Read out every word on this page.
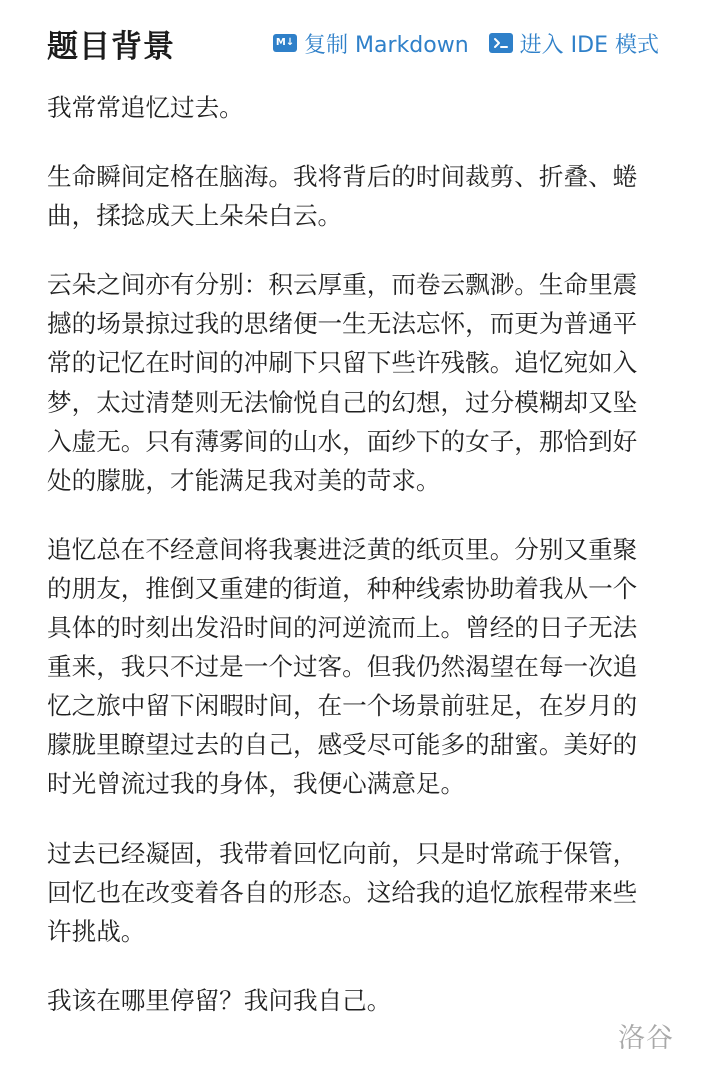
题目背景	M↓ 复制 Markdown 进入 IDE 模式

我常常追忆过去。

生命瞬间定格在脑海。我将背后的时间裁剪、折叠、蜷曲，揉捻成天上朵朵白云。

云朵之间亦有分别：积云厚重，而卷云飘渺。生命里震撼的场景掠过我的思绪便一生无法忘怀，而更为普通平常的记忆在时间的冲刷下只留下些许残骸。追忆宛如入梦，太过清楚则无法愉悦自己的幻想，过分模糊却又坠入虚无。只有薄雾间的山水，面纱下的女子，那恰到好处的朦胧，才能满足我对美的苛求。

追忆总在不经意间将我裹进泛黄的纸页里。分别又重聚的朋友，推倒又重建的街道，种种线索协助着我从一个具体的时刻出发沿时间的河逆流而上。曾经的日子无法重来，我只不过是一个过客。但我仍然渴望在每一次追忆之旅中留下闲暇时间，在一个场景前驻足，在岁月的朦胧里瞭望过去的自己，感受尽可能多的甜蜜。美好的时光曾流过我的身体，我便心满意足。

过去已经凝固，我带着回忆向前，只是时常疏于保管，回忆也在改变着各自的形态。这给我的追忆旅程带来些许挑战。

我该在哪里停留？我问我自己。

洛谷
